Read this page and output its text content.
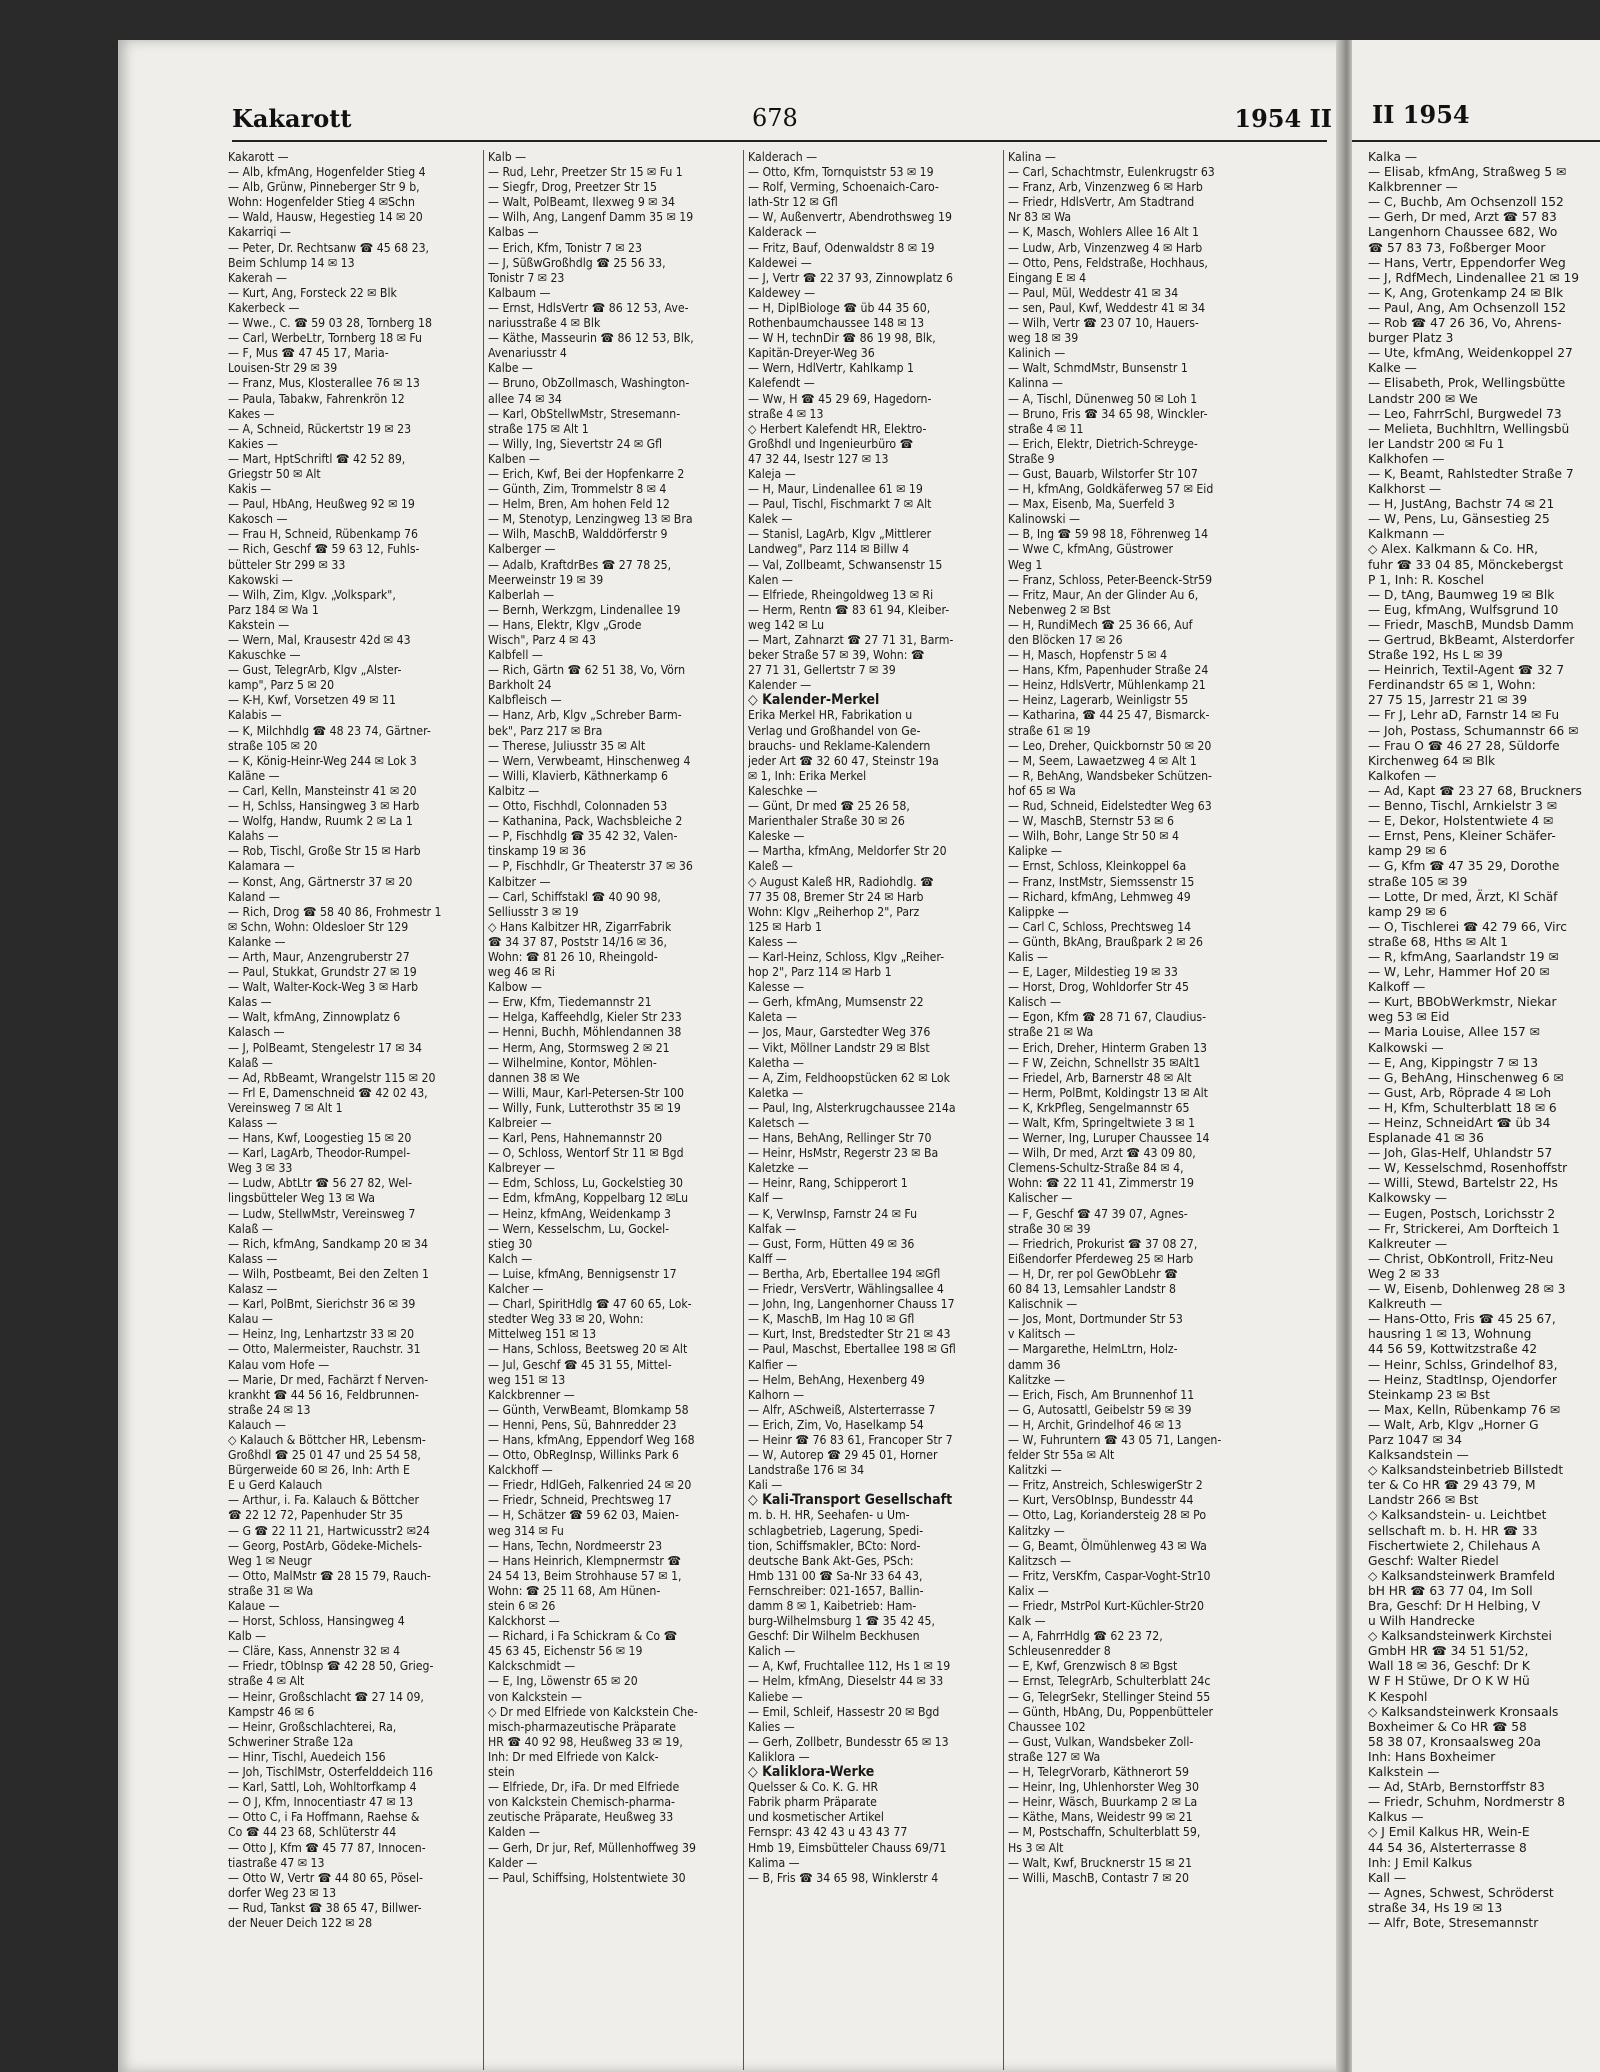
II 1954
Kalka —
— Elisab, kfmAng, Straßweg 5 ✉
Kalkbrenner —
— C, Buchb, Am Ochsenzoll 152
— Gerh, Dr med, Arzt ☎ 57 83
Langenhorn Chaussee 682, Wo
☎ 57 83 73, Foßberger Moor
— Hans, Vertr, Eppendorfer Weg
— J, RdfMech, Lindenallee 21 ✉ 19
— K, Ang, Grotenkamp 24 ✉ Blk
— Paul, Ang, Am Ochsenzoll 152
— Rob ☎ 47 26 36, Vo, Ahrens-
burger Platz 3
— Ute, kfmAng, Weidenkoppel 27
Kalke —
— Elisabeth, Prok, Wellingsbütte
Landstr 200 ✉ We
— Leo, FahrrSchl, Burgwedel 73
— Melieta, Buchhltrn, Wellingsbü
ler Landstr 200 ✉ Fu 1
Kalkhofen —
— K, Beamt, Rahlstedter Straße 7
Kalkhorst —
— H, JustAng, Bachstr 74 ✉ 21
— W, Pens, Lu, Gänsestieg 25
Kalkmann —
◇ Alex. Kalkmann & Co. HR,
fuhr ☎ 33 04 85, Mönckebergst
P 1, Inh: R. Koschel
— D, tAng, Baumweg 19 ✉ Blk
— Eug, kfmAng, Wulfsgrund 10
— Friedr, MaschB, Mundsb Damm
— Gertrud, BkBeamt, Alsterdorfer
Straße 192, Hs L ✉ 39
— Heinrich, Textil-Agent ☎ 32 7
Ferdinandstr 65 ✉ 1, Wohn:
27 75 15, Jarrestr 21 ✉ 39
— Fr J, Lehr aD, Farnstr 14 ✉ Fu
— Joh, Postass, Schumannstr 66 ✉
— Frau O ☎ 46 27 28, Süldorfe
Kirchenweg 64 ✉ Blk
Kalkofen —
— Ad, Kapt ☎ 23 27 68, Bruckners
— Benno, Tischl, Arnkielstr 3 ✉
— E, Dekor, Holstentwiete 4 ✉
— Ernst, Pens, Kleiner Schäfer-
kamp 29 ✉ 6
— G, Kfm ☎ 47 35 29, Dorothe
straße 105 ✉ 39
— Lotte, Dr med, Ärzt, Kl Schäf
kamp 29 ✉ 6
— O, Tischlerei ☎ 42 79 66, Virc
straße 68, Hths ✉ Alt 1
— R, kfmAng, Saarlandstr 19 ✉
— W, Lehr, Hammer Hof 20 ✉
Kalkoff —
— Kurt, BBObWerkmstr, Niekar
weg 53 ✉ Eid
— Maria Louise, Allee 157 ✉
Kalkowski —
— E, Ang, Kippingstr 7 ✉ 13
— G, BehAng, Hinschenweg 6 ✉
— Gust, Arb, Röprade 4 ✉ Loh
— H, Kfm, Schulterblatt 18 ✉ 6
— Heinz, SchneidArt ☎ üb 34
Esplanade 41 ✉ 36
— Joh, Glas-Helf, Uhlandstr 57
— W, Kesselschmd, Rosenhoffstr
— Willi, Stewd, Bartelstr 22, Hs
Kalkowsky —
— Eugen, Postsch, Lorichsstr 2
— Fr, Strickerei, Am Dorfteich 1
Kalkreuter —
— Christ, ObKontroll, Fritz-Neu
Weg 2 ✉ 33
— W, Eisenb, Dohlenweg 28 ✉ 3
Kalkreuth —
— Hans-Otto, Fris ☎ 45 25 67,
hausring 1 ✉ 13, Wohnung
44 56 59, Kottwitzstraße 42
— Heinr, Schlss, Grindelhof 83,
— Heinz, StadtInsp, Ojendorfer
Steinkamp 23 ✉ Bst
— Max, Kelln, Rübenkamp 76 ✉
— Walt, Arb, Klgv „Horner G
Parz 1047 ✉ 34
Kalksandstein —
◇ Kalksandsteinbetrieb Billstedt
ter & Co HR ☎ 29 43 79, M
Landstr 266 ✉ Bst
◇ Kalksandstein- u. Leichtbet
sellschaft m. b. H. HR ☎ 33
Fischertwiete 2, Chilehaus A
Geschf: Walter Riedel
◇ Kalksandsteinwerk Bramfeld
bH HR ☎ 63 77 04, Im Soll
Bra, Geschf: Dr H Helbing, V
u Wilh Handrecke
◇ Kalksandsteinwerk Kirchstei
GmbH HR ☎ 34 51 51/52,
Wall 18 ✉ 36, Geschf: Dr K
W F H Stüwe, Dr O K W Hü
K Kespohl
◇ Kalksandsteinwerk Kronsaals
Boxheimer & Co HR ☎ 58
58 38 07, Kronsaalsweg 20a
Inh: Hans Boxheimer
Kalkstein —
— Ad, StArb, Bernstorffstr 83
— Friedr, Schuhm, Nordmerstr 8
Kalkus —
◇ J Emil Kalkus HR, Wein-E
44 54 36, Alsterterrasse 8
Inh: J Emil Kalkus
Kall —
— Agnes, Schwest, Schröderst
straße 34, Hs 19 ✉ 13
— Alfr, Bote, Stresemannstr
Kakarott	678	1954 II
Kakarott —
— Alb, kfmAng, Hogenfelder Stieg 4
— Alb, Grünw, Pinneberger Str 9 b,
Wohn: Hogenfelder Stieg 4 ✉Schn
— Wald, Hausw, Hegestieg 14 ✉ 20
Kakarriqi —
— Peter, Dr. Rechtsanw ☎ 45 68 23,
Beim Schlump 14 ✉ 13
Kakerah —
— Kurt, Ang, Forsteck 22 ✉ Blk
Kakerbeck —
— Wwe., C. ☎ 59 03 28, Tornberg 18
— Carl, WerbeLtr, Tornberg 18 ✉ Fu
— F, Mus ☎ 47 45 17, Maria-
Louisen-Str 29 ✉ 39
— Franz, Mus, Klosterallee 76 ✉ 13
— Paula, Tabakw, Fahrenkrön 12
Kakes —
— A, Schneid, Rückertstr 19 ✉ 23
Kakies —
— Mart, HptSchriftl ☎ 42 52 89,
Griegstr 50 ✉ Alt
Kakis —
— Paul, HbAng, Heußweg 92 ✉ 19
Kakosch —
— Frau H, Schneid, Rübenkamp 76
— Rich, Geschf ☎ 59 63 12, Fuhls-
bütteler Str 299 ✉ 33
Kakowski —
— Wilh, Zim, Klgv. „Volkspark",
Parz 184 ✉ Wa 1
Kakstein —
— Wern, Mal, Krausestr 42d ✉ 43
Kakuschke —
— Gust, TelegrArb, Klgv „Alster-
kamp", Parz 5 ✉ 20
— K-H, Kwf, Vorsetzen 49 ✉ 11
Kalabis —
— K, Milchhdlg ☎ 48 23 74, Gärtner-
straße 105 ✉ 20
— K, König-Heinr-Weg 244 ✉ Lok 3
Kaläne —
— Carl, Kelln, Mansteinstr 41 ✉ 20
— H, Schlss, Hansingweg 3 ✉ Harb
— Wolfg, Handw, Ruumk 2 ✉ La 1
Kalahs —
— Rob, Tischl, Große Str 15 ✉ Harb
Kalamara —
— Konst, Ang, Gärtnerstr 37 ✉ 20
Kaland —
— Rich, Drog ☎ 58 40 86, Frohmestr 1
✉ Schn, Wohn: Oldesloer Str 129
Kalanke —
— Arth, Maur, Anzengruberstr 27
— Paul, Stukkat, Grundstr 27 ✉ 19
— Walt, Walter-Kock-Weg 3 ✉ Harb
Kalas —
— Walt, kfmAng, Zinnowplatz 6
Kalasch —
— J, PolBeamt, Stengelestr 17 ✉ 34
Kalaß —
— Ad, RbBeamt, Wrangelstr 115 ✉ 20
— Frl E, Damenschneid ☎ 42 02 43,
Vereinsweg 7 ✉ Alt 1
Kalass —
— Hans, Kwf, Loogestieg 15 ✉ 20
— Karl, LagArb, Theodor-Rumpel-
Weg 3 ✉ 33
— Ludw, AbtLtr ☎ 56 27 82, Wel-
lingsbütteler Weg 13 ✉ Wa
— Ludw, StellwMstr, Vereinsweg 7
Kalaß —
— Rich, kfmAng, Sandkamp 20 ✉ 34
Kalass —
— Wilh, Postbeamt, Bei den Zelten 1
Kalasz —
— Karl, PolBmt, Sierichstr 36 ✉ 39
Kalau —
— Heinz, Ing, Lenhartzstr 33 ✉ 20
— Otto, Malermeister, Rauchstr. 31
Kalau vom Hofe —
— Marie, Dr med, Fachärzt f Nerven-
krankht ☎ 44 56 16, Feldbrunnen-
straße 24 ✉ 13
Kalauch —
◇ Kalauch & Böttcher HR, Lebensm-
Großhdl ☎ 25 01 47 und 25 54 58,
Bürgerweide 60 ✉ 26, Inh: Arth E
E u Gerd Kalauch
— Arthur, i. Fa. Kalauch & Böttcher
☎ 22 12 72, Papenhuder Str 35
— G ☎ 22 11 21, Hartwicusstr2 ✉24
— Georg, PostArb, Gödeke-Michels-
Weg 1 ✉ Neugr
— Otto, MalMstr ☎ 28 15 79, Rauch-
straße 31 ✉ Wa
Kalaue —
— Horst, Schloss, Hansingweg 4
Kalb —
— Cläre, Kass, Annenstr 32 ✉ 4
— Friedr, tObInsp ☎ 42 28 50, Grieg-
straße 4 ✉ Alt
— Heinr, Großschlacht ☎ 27 14 09,
Kampstr 46 ✉ 6
— Heinr, Großschlachterei, Ra,
Schweriner Straße 12a
— Hinr, Tischl, Auedeich 156
— Joh, TischlMstr, Osterfelddeich 116
— Karl, Sattl, Loh, Wohltorfkamp 4
— O J, Kfm, Innocentiastr 47 ✉ 13
— Otto C, i Fa Hoffmann, Raehse &
Co ☎ 44 23 68, Schlüterstr 44
— Otto J, Kfm ☎ 45 77 87, Innocen-
tiastraße 47 ✉ 13
— Otto W, Vertr ☎ 44 80 65, Pösel-
dorfer Weg 23 ✉ 13
— Rud, Tankst ☎ 38 65 47, Billwer-
der Neuer Deich 122 ✉ 28
Kalb —
— Rud, Lehr, Preetzer Str 15 ✉ Fu 1
— Siegfr, Drog, Preetzer Str 15
— Walt, PolBeamt, Ilexweg 9 ✉ 34
— Wilh, Ang, Langenf Damm 35 ✉ 19
Kalbas —
— Erich, Kfm, Tonistr 7 ✉ 23
— J, SüßwGroßhdlg ☎ 25 56 33,
Tonistr 7 ✉ 23
Kalbaum —
— Ernst, HdlsVertr ☎ 86 12 53, Ave-
nariusstraße 4 ✉ Blk
— Käthe, Masseurin ☎ 86 12 53, Blk,
Avenariusstr 4
Kalbe —
— Bruno, ObZollmasch, Washington-
allee 74 ✉ 34
— Karl, ObStellwMstr, Stresemann-
straße 175 ✉ Alt 1
— Willy, Ing, Sievertstr 24 ✉ Gfl
Kalben —
— Erich, Kwf, Bei der Hopfenkarre 2
— Günth, Zim, Trommelstr 8 ✉ 4
— Helm, Bren, Am hohen Feld 12
— M, Stenotyp, Lenzingweg 13 ✉ Bra
— Wilh, MaschB, Walddörferstr 9
Kalberger —
— Adalb, KraftdrBes ☎ 27 78 25,
Meerweinstr 19 ✉ 39
Kalberlah —
— Bernh, Werkzgm, Lindenallee 19
— Hans, Elektr, Klgv „Grode
Wisch", Parz 4 ✉ 43
Kalbfell —
— Rich, Gärtn ☎ 62 51 38, Vo, Vörn
Barkholt 24
Kalbfleisch —
— Hanz, Arb, Klgv „Schreber Barm-
bek", Parz 217 ✉ Bra
— Therese, Juliusstr 35 ✉ Alt
— Wern, Verwbeamt, Hinschenweg 4
— Willi, Klavierb, Käthnerkamp 6
Kalbitz —
— Otto, Fischhdl, Colonnaden 53
— Kathanina, Pack, Wachsbleiche 2
— P, Fischhdlg ☎ 35 42 32, Valen-
tinskamp 19 ✉ 36
— P, Fischhdlr, Gr Theaterstr 37 ✉ 36
Kalbitzer —
— Carl, Schiffstakl ☎ 40 90 98,
Selliusstr 3 ✉ 19
◇ Hans Kalbitzer HR, ZigarrFabrik
☎ 34 37 87, Poststr 14/16 ✉ 36,
Wohn: ☎ 81 26 10, Rheingold-
weg 46 ✉ Ri
Kalbow —
— Erw, Kfm, Tiedemannstr 21
— Helga, Kaffeehdlg, Kieler Str 233
— Henni, Buchh, Möhlendannen 38
— Herm, Ang, Stormsweg 2 ✉ 21
— Wilhelmine, Kontor, Möhlen-
dannen 38 ✉ We
— Willi, Maur, Karl-Petersen-Str 100
— Willy, Funk, Lutterothstr 35 ✉ 19
Kalbreier —
— Karl, Pens, Hahnemannstr 20
— O, Schloss, Wentorf Str 11 ✉ Bgd
Kalbreyer —
— Edm, Schloss, Lu, Gockelstieg 30
— Edm, kfmAng, Koppelbarg 12 ✉Lu
— Heinz, kfmAng, Weidenkamp 3
— Wern, Kesselschm, Lu, Gockel-
stieg 30
Kalch —
— Luise, kfmAng, Bennigsenstr 17
Kalcher —
— Charl, SpiritHdlg ☎ 47 60 65, Lok-
stedter Weg 33 ✉ 20, Wohn:
Mittelweg 151 ✉ 13
— Hans, Schloss, Beetsweg 20 ✉ Alt
— Jul, Geschf ☎ 45 31 55, Mittel-
weg 151 ✉ 13
Kalckbrenner —
— Günth, VerwBeamt, Blomkamp 58
— Henni, Pens, Sü, Bahnredder 23
— Hans, kfmAng, Eppendorf Weg 168
— Otto, ObRegInsp, Willinks Park 6
Kalckhoff —
— Friedr, HdlGeh, Falkenried 24 ✉ 20
— Friedr, Schneid, Prechtsweg 17
— H, Schätzer ☎ 59 62 03, Maien-
weg 314 ✉ Fu
— Hans, Techn, Nordmeerstr 23
— Hans Heinrich, Klempnermstr ☎
24 54 13, Beim Strohhause 57 ✉ 1,
Wohn: ☎ 25 11 68, Am Hünen-
stein 6 ✉ 26
Kalckhorst —
— Richard, i Fa Schickram & Co ☎
45 63 45, Eichenstr 56 ✉ 19
Kalckschmidt —
— E, Ing, Löwenstr 65 ✉ 20
von Kalckstein —
◇ Dr med Elfriede von Kalckstein Che-
misch-pharmazeutische Präparate
HR ☎ 40 92 98, Heußweg 33 ✉ 19,
Inh: Dr med Elfriede von Kalck-
stein
— Elfriede, Dr, iFa. Dr med Elfriede
von Kalckstein Chemisch-pharma-
zeutische Präparate, Heußweg 33
Kalden —
— Gerh, Dr jur, Ref, Müllenhoffweg 39
Kalder —
— Paul, Schiffsing, Holstentwiete 30
Kalderach —
— Otto, Kfm, Tornquiststr 53 ✉ 19
— Rolf, Verming, Schoenaich-Caro-
lath-Str 12 ✉ Gfl
— W, Außenvertr, Abendrothsweg 19
Kalderack —
— Fritz, Bauf, Odenwaldstr 8 ✉ 19
Kaldewei —
— J, Vertr ☎ 22 37 93, Zinnowplatz 6
Kaldewey —
— H, DiplBiologe ☎ üb 44 35 60,
Rothenbaumchaussee 148 ✉ 13
— W H, technDir ☎ 86 19 98, Blk,
Kapitän-Dreyer-Weg 36
— Wern, HdlVertr, Kahlkamp 1
Kalefendt —
— Ww, H ☎ 45 29 69, Hagedorn-
straße 4 ✉ 13
◇ Herbert Kalefendt HR, Elektro-
Großhdl und Ingenieurbüro ☎
47 32 44, Isestr 127 ✉ 13
Kaleja —
— H, Maur, Lindenallee 61 ✉ 19
— Paul, Tischl, Fischmarkt 7 ✉ Alt
Kalek —
— Stanisl, LagArb, Klgv „Mittlerer
Landweg", Parz 114 ✉ Billw 4
— Val, Zollbeamt, Schwansenstr 15
Kalen —
— Elfriede, Rheingoldweg 13 ✉ Ri
— Herm, Rentn ☎ 83 61 94, Kleiber-
weg 142 ✉ Lu
— Mart, Zahnarzt ☎ 27 71 31, Barm-
beker Straße 57 ✉ 39, Wohn: ☎
27 71 31, Gellertstr 7 ✉ 39
Kalender —
◇ Kalender-Merkel
Erika Merkel HR, Fabrikation u
Verlag und Großhandel von Ge-
brauchs- und Reklame-Kalendern
jeder Art ☎ 32 60 47, Steinstr 19a
✉ 1, Inh: Erika Merkel
Kaleschke —
— Günt, Dr med ☎ 25 26 58,
Marienthaler Straße 30 ✉ 26
Kaleske —
— Martha, kfmAng, Meldorfer Str 20
Kaleß —
◇ August Kaleß HR, Radiohdlg. ☎
77 35 08, Bremer Str 24 ✉ Harb
Wohn: Klgv „Reiherhop 2", Parz
125 ✉ Harb 1
Kaless —
— Karl-Heinz, Schloss, Klgv „Reiher-
hop 2", Parz 114 ✉ Harb 1
Kalesse —
— Gerh, kfmAng, Mumsenstr 22
Kaleta —
— Jos, Maur, Garstedter Weg 376
— Vikt, Möllner Landstr 29 ✉ Blst
Kaletha —
— A, Zim, Feldhoopstücken 62 ✉ Lok
Kaletka —
— Paul, Ing, Alsterkrugchaussee 214a
Kaletsch —
— Hans, BehAng, Rellinger Str 70
— Heinr, HsMstr, Regerstr 23 ✉ Ba
Kaletzke —
— Heinr, Rang, Schipperort 1
Kalf —
— K, VerwInsp, Farnstr 24 ✉ Fu
Kalfak —
— Gust, Form, Hütten 49 ✉ 36
Kalff —
— Bertha, Arb, Ebertallee 194 ✉Gfl
— Friedr, VersVertr, Wählingsallee 4
— John, Ing, Langenhorner Chauss 17
— K, MaschB, Im Hag 10 ✉ Gfl
— Kurt, Inst, Bredstedter Str 21 ✉ 43
— Paul, Maschst, Ebertallee 198 ✉ Gfl
Kalfier —
— Helm, BehAng, Hexenberg 49
Kalhorn —
— Alfr, ASchweiß, Alsterterrasse 7
— Erich, Zim, Vo, Haselkamp 54
— Heinr ☎ 76 83 61, Francoper Str 7
— W, Autorep ☎ 29 45 01, Horner
Landstraße 176 ✉ 34
Kali —
◇ Kali-Transport Gesellschaft
m. b. H. HR, Seehafen- u Um-
schlagbetrieb, Lagerung, Spedi-
tion, Schiffsmakler, BCto: Nord-
deutsche Bank Akt-Ges, PSch:
Hmb 131 00 ☎ Sa-Nr 33 64 43,
Fernschreiber: 021-1657, Ballin-
damm 8 ✉ 1, Kaibetrieb: Ham-
burg-Wilhelmsburg 1 ☎ 35 42 45,
Geschf: Dir Wilhelm Beckhusen
Kalich —
— A, Kwf, Fruchtallee 112, Hs 1 ✉ 19
— Helm, kfmAng, Dieselstr 44 ✉ 33
Kaliebe —
— Emil, Schleif, Hassestr 20 ✉ Bgd
Kalies —
— Gerh, Zollbetr, Bundesstr 65 ✉ 13
Kaliklora —
◇ Kaliklora-Werke
Quelsser & Co. K. G. HR
Fabrik pharm Präparate
und kosmetischer Artikel
Fernspr: 43 42 43 u 43 43 77
Hmb 19, Eimsbütteler Chauss 69/71
Kalima —
— B, Fris ☎ 34 65 98, Winklerstr 4
Kalina —
— Carl, Schachtmstr, Eulenkrugstr 63
— Franz, Arb, Vinzenzweg 6 ✉ Harb
— Friedr, HdlsVertr, Am Stadtrand
Nr 83 ✉ Wa
— K, Masch, Wohlers Allee 16 Alt 1
— Ludw, Arb, Vinzenzweg 4 ✉ Harb
— Otto, Pens, Feldstraße, Hochhaus,
Eingang E ✉ 4
— Paul, Mül, Weddestr 41 ✉ 34
— sen, Paul, Kwf, Weddestr 41 ✉ 34
— Wilh, Vertr ☎ 23 07 10, Hauers-
weg 18 ✉ 39
Kalinich —
— Walt, SchmdMstr, Bunsenstr 1
Kalinna —
— A, Tischl, Dünenweg 50 ✉ Loh 1
— Bruno, Fris ☎ 34 65 98, Winckler-
straße 4 ✉ 11
— Erich, Elektr, Dietrich-Schreyge-
Straße 9
— Gust, Bauarb, Wilstorfer Str 107
— H, kfmAng, Goldkäferweg 57 ✉ Eid
— Max, Eisenb, Ma, Suerfeld 3
Kalinowski —
— B, Ing ☎ 59 98 18, Föhrenweg 14
— Wwe C, kfmAng, Güstrower
Weg 1
— Franz, Schloss, Peter-Beenck-Str59
— Fritz, Maur, An der Glinder Au 6,
Nebenweg 2 ✉ Bst
— H, RundiMech ☎ 25 36 66, Auf
den Blöcken 17 ✉ 26
— H, Masch, Hopfenstr 5 ✉ 4
— Hans, Kfm, Papenhuder Straße 24
— Heinz, HdlsVertr, Mühlenkamp 21
— Heinz, Lagerarb, Weinligstr 55
— Katharina, ☎ 44 25 47, Bismarck-
straße 61 ✉ 19
— Leo, Dreher, Quickbornstr 50 ✉ 20
— M, Seem, Lawaetzweg 4 ✉ Alt 1
— R, BehAng, Wandsbeker Schützen-
hof 65 ✉ Wa
— Rud, Schneid, Eidelstedter Weg 63
— W, MaschB, Sternstr 53 ✉ 6
— Wilh, Bohr, Lange Str 50 ✉ 4
Kalipke —
— Ernst, Schloss, Kleinkoppel 6a
— Franz, InstMstr, Siemssenstr 15
— Richard, kfmAng, Lehmweg 49
Kalippke —
— Carl C, Schloss, Prechtsweg 14
— Günth, BkAng, Braußpark 2 ✉ 26
Kalis —
— E, Lager, Mildestieg 19 ✉ 33
— Horst, Drog, Wohldorfer Str 45
Kalisch —
— Egon, Kfm ☎ 28 71 67, Claudius-
straße 21 ✉ Wa
— Erich, Dreher, Hinterm Graben 13
— F W, Zeichn, Schnellstr 35 ✉Alt1
— Friedel, Arb, Barnerstr 48 ✉ Alt
— Herm, PolBmt, Koldingstr 13 ✉ Alt
— K, KrkPfleg, Sengelmannstr 65
— Walt, Kfm, Springeltwiete 3 ✉ 1
— Werner, Ing, Luruper Chaussee 14
— Wilh, Dr med, Arzt ☎ 43 09 80,
Clemens-Schultz-Straße 84 ✉ 4,
Wohn: ☎ 22 11 41, Zimmerstr 19
Kalischer —
— F, Geschf ☎ 47 39 07, Agnes-
straße 30 ✉ 39
— Friedrich, Prokurist ☎ 37 08 27,
Eißendorfer Pferdeweg 25 ✉ Harb
— H, Dr, rer pol GewObLehr ☎
60 84 13, Lemsahler Landstr 8
Kalischnik —
— Jos, Mont, Dortmunder Str 53
v Kalitsch —
— Margarethe, HelmLtrn, Holz-
damm 36
Kalitzke —
— Erich, Fisch, Am Brunnenhof 11
— G, Autosattl, Geibelstr 59 ✉ 39
— H, Archit, Grindelhof 46 ✉ 13
— W, Fuhruntern ☎ 43 05 71, Langen-
felder Str 55a ✉ Alt
Kalitzki —
— Fritz, Anstreich, SchleswigerStr 2
— Kurt, VersObInsp, Bundesstr 44
— Otto, Lag, Koriandersteig 28 ✉ Po
Kalitzky —
— G, Beamt, Ölmühlenweg 43 ✉ Wa
Kalitzsch —
— Fritz, VersKfm, Caspar-Voght-Str10
Kalix —
— Friedr, MstrPol Kurt-Küchler-Str20
Kalk —
— A, FahrrHdlg ☎ 62 23 72,
Schleusenredder 8
— E, Kwf, Grenzwisch 8 ✉ Bgst
— Ernst, TelegrArb, Schulterblatt 24c
— G, TelegrSekr, Stellinger Steind 55
— Günth, HbAng, Du, Poppenbütteler
Chaussee 102
— Gust, Vulkan, Wandsbeker Zoll-
straße 127 ✉ Wa
— H, TelegrVorarb, Käthnerort 59
— Heinr, Ing, Uhlenhorster Weg 30
— Heinr, Wäsch, Buurkamp 2 ✉ La
— Käthe, Mans, Weidestr 99 ✉ 21
— M, Postschaffn, Schulterblatt 59,
Hs 3 ✉ Alt
— Walt, Kwf, Brucknerstr 15 ✉ 21
— Willi, MaschB, Contastr 7 ✉ 20
